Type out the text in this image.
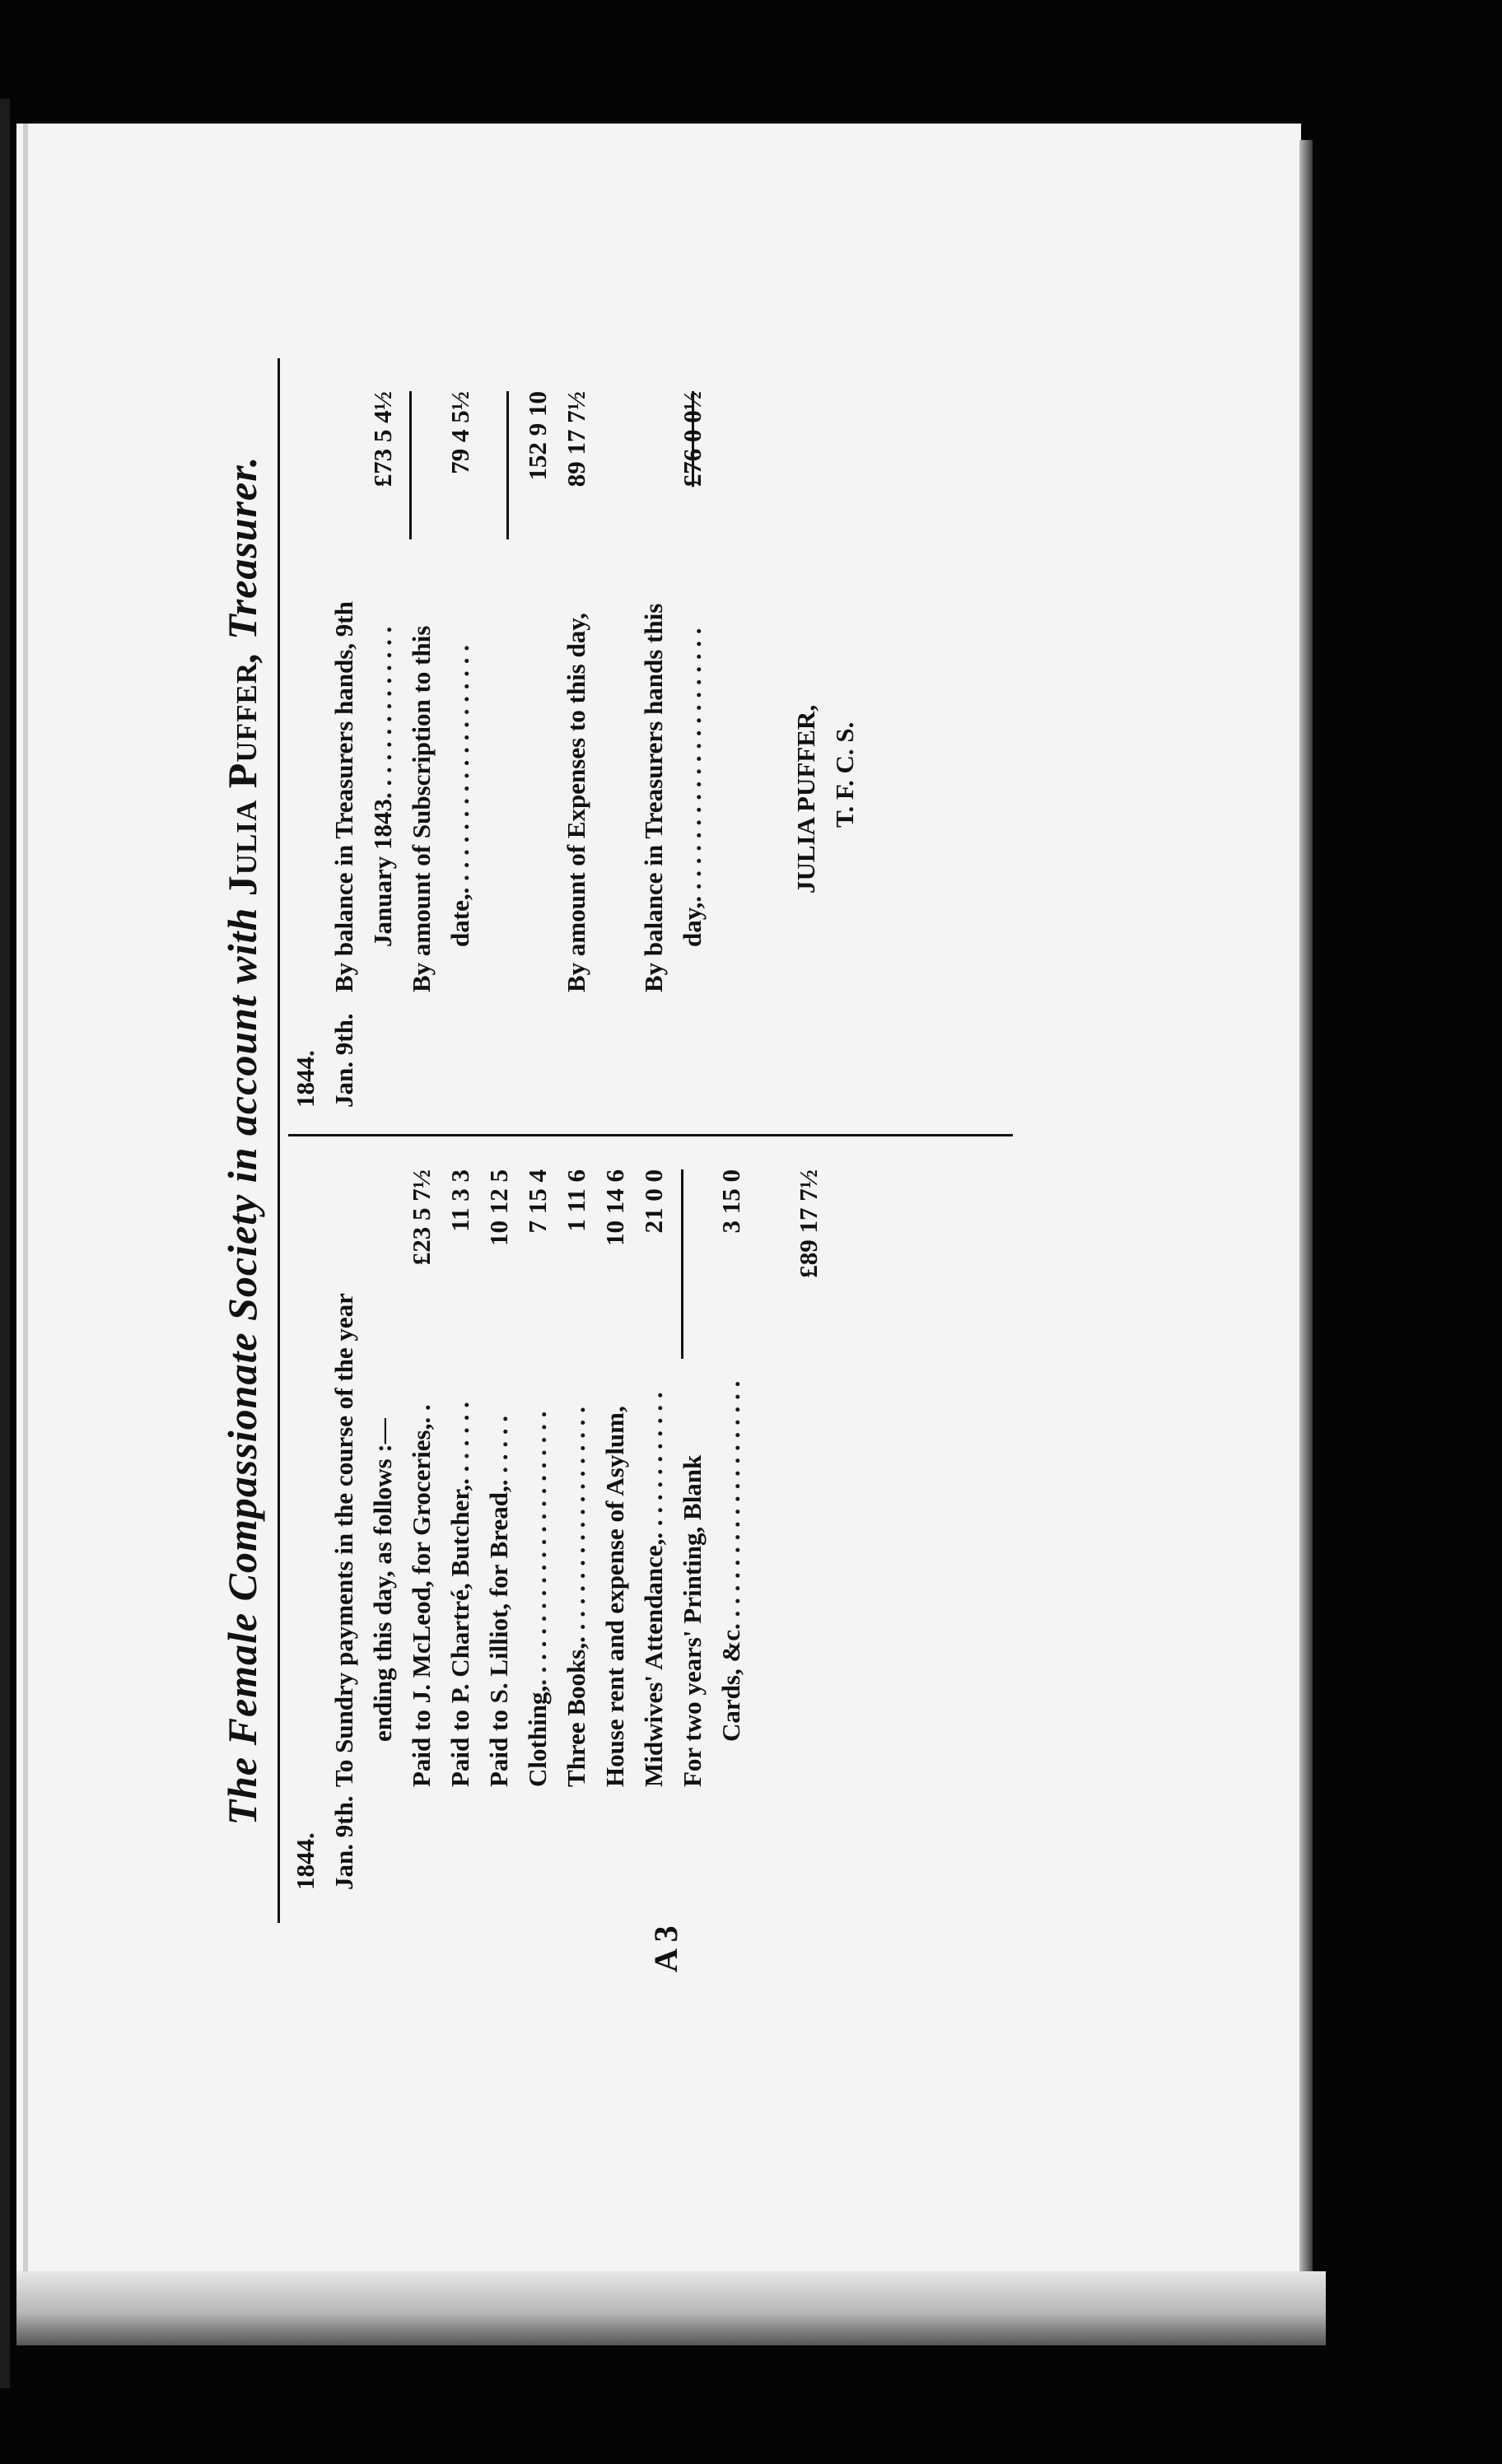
The Female Compassionate Society in account with Julia Puffer, Treasurer.
1844. Jan. 9th.
To Sundry payments in the course of the year ending this day, as follows :— Paid to J. McLeod, for Groceries,. .
£23 5 7½
Paid to P. Chartré, Butcher,. . . . . . .
11 3 3
Paid to S. Lilliot, for Bread,. . . . . .
10 12 5
Clothing,. . . . . . . . . . . . . . . . . . . . . .
7 15 4
Three Books,. . . . . . . . . . . . . . . . . . .
1 11 6
House rent and expense of Asylum,
10 14 6
Midwives' Attendance,. . . . . . . . . . . .
21 0 0
For two years' Printing, Blank Cards, &c. . . . . . . . . . . . . . . . . . . .
3 15 0 £89 17 7½
1844. Jan. 9th.
By balance in Treasurers hands, 9th January 1843. . . . . . . . . . . . . .
£73 5 4½
By amount of Subscription to this date,. . . . . . . . . . . . . . . . . . . .
79 4 5½ 152 9 10
By amount of Expenses to this day,
89 17 7½
By balance in Treasurers hands this day,. . . . . . . . . . . . . . . . . . . . . .
£76 0 0½
JULIA PUFFER, T. F. C. S.
A 3
